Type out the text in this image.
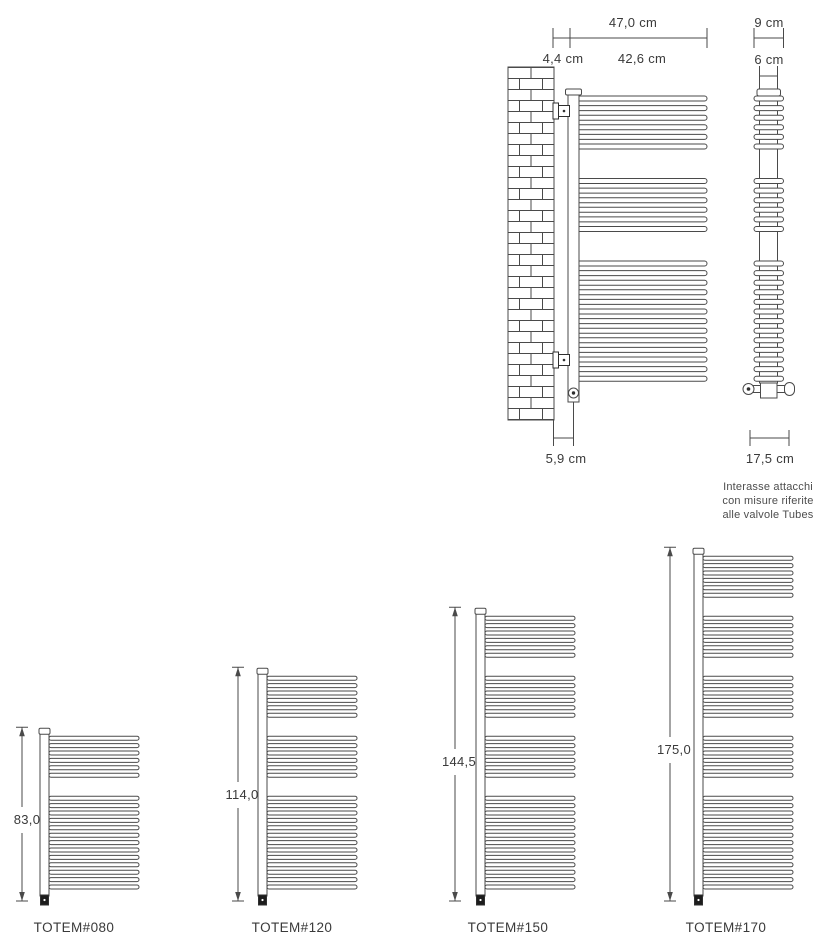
47,0 cm
4,4 cm	42,6 cm
9 cm
6 cm
5,9 cm	17,5 cm
Interasse attacchi
con misure riferite
alle valvole Tubes
83,0
114,0
144,5
175,0
TOTEM#080	TOTEM#120	TOTEM#150	TOTEM#170
